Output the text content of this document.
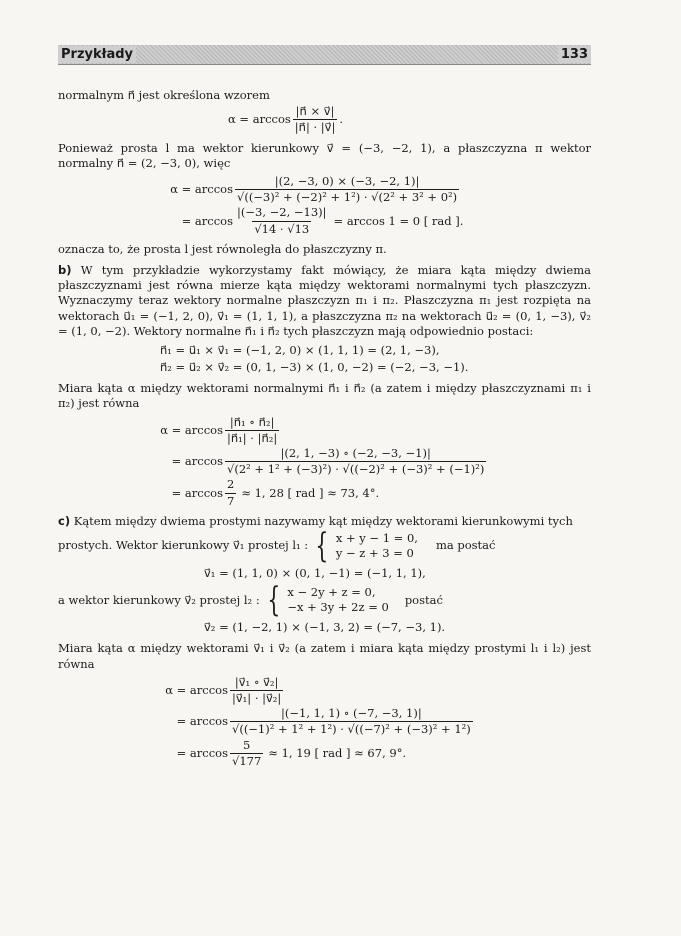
Przykłady	133

normalnym n⃗ jest określona wzorem

$\alpha = \arccos \frac{|n⃗ \times v⃗|}{|n⃗| \cdot |v⃗|}$ .

Ponieważ prosta l ma wektor kierunkowy v⃗ = (−3, −2, 1), a płaszczyzna π wektor normalny n⃗ = (2, −3, 0), więc

$\alpha = \arccos \frac{|(2, -3, 0) \times (-3, -2, 1)|}{\text{√((−3)² + (−2)² + 1²) · √(2² + 3² + 0²)}}$
= $\arccos \frac{|(-3, -2, -13)|}{√14 \cdot √13} = \arccos 1 = 0$ [ rad ].

oznacza to, że prosta l jest równoległa do płaszczyzny π.

b) W tym przykładzie wykorzystamy fakt mówiący, że miara kąta między dwiema płaszczyznami jest równa mierze kąta między wektorami normalnymi tych płaszczyzn. Wyznaczymy teraz wektory normalne płaszczyzn π₁ i π₂. Płaszczyzna π₁ jest rozpięta na wektorach u⃗₁ = (−1, 2, 0), v⃗₁ = (1, 1, 1), a płaszczyzna π₂ na wektorach u⃗₂ = (0, 1, −3), v⃗₂ = (1, 0, −2). Wektory normalne n⃗₁ i n⃗₂ tych płaszczyzn mają odpowiednio postaci:

n⃗₁ = u⃗₁ × v⃗₁ = (−1, 2, 0) × (1, 1, 1) = (2, 1, −3),
n⃗₂ = u⃗₂ × v⃗₂ = (0, 1, −3) × (1, 0, −2) = (−2, −3, −1).

Miara kąta α między wektorami normalnymi n⃗₁ i n⃗₂ (a zatem i między płaszczyznami π₁ i π₂) jest równa

$\alpha = \arccos \frac{\text{|n⃗₁ ∘ n⃗₂|}}{\text{|n⃗₁| · |n⃗₂|}}$
= $\arccos \frac{|(2, 1, -3) \circ (-2, -3, -1)|}{\text{√(2² + 1² + (−3)²) · √((−2)² + (−3)² + (−1)²)}}$
= $\arccos \frac{2}{7} \approx 1$, 28 [ rad ] ≈ 73, 4°.

c) Kątem między dwiema prostymi nazywamy kąt między wektorami kierunkowymi tych

prostych. Wektor kierunkowy v⃗₁ prostej l₁ : { x + y − 1 = 0,
y − z + 3 = 0
ma postać
v⃗₁ = (1, 1, 0) × (0, 1, −1) = (−1, 1, 1),
a wektor kierunkowy v⃗₂ prostej l₂ : { x − 2y + z = 0,
−x + 3y + 2z = 0
postać
v⃗₂ = (1, −2, 1) × (−1, 3, 2) = (−7, −3, 1).

Miara kąta α między wektorami v⃗₁ i v⃗₂ (a zatem i miara kąta między prostymi l₁ i l₂) jest równa

$\alpha = \arccos \frac{\text{|v⃗₁ ∘ v⃗₂|}}{\text{|v⃗₁| · |v⃗₂|}}$
= $\arccos \frac{|(-1, 1, 1) \circ (-7, -3, 1)|}{\text{√((−1)² + 1² + 1²) · √((−7)² + (−3)² + 1²)}}$
= $\arccos \frac{5}{√177} \approx 1$, 19 [ rad ] ≈ 67, 9°.
